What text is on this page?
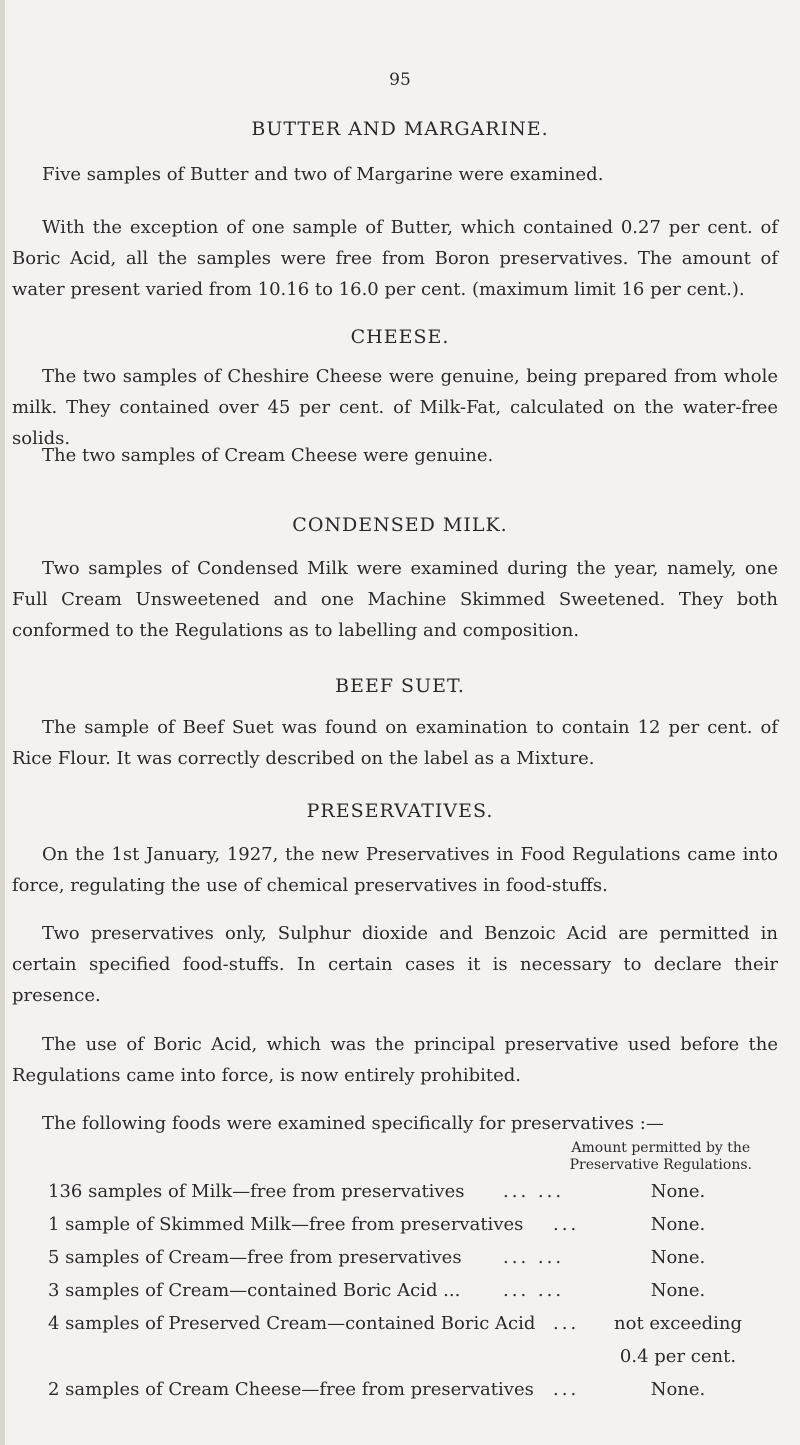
95
BUTTER AND MARGARINE.

Five samples of Butter and two of Margarine were examined.

With the exception of one sample of Butter, which contained 0.27 per cent. of Boric Acid, all the samples were free from Boron preservatives. The amount of water present varied from 10.16 to 16.0 per cent. (maximum limit 16 per cent.).

CHEESE.

The two samples of Cheshire Cheese were genuine, being prepared from whole milk. They contained over 45 per cent. of Milk-Fat, calculated on the water-free solids.

The two samples of Cream Cheese were genuine.

CONDENSED MILK.

Two samples of Condensed Milk were examined during the year, namely, one Full Cream Unsweetened and one Machine Skimmed Sweetened. They both conformed to the Regulations as to labelling and composition.

BEEF SUET.

The sample of Beef Suet was found on examination to contain 12 per cent. of Rice Flour. It was correctly described on the label as a Mixture.

PRESERVATIVES.

On the 1st January, 1927, the new Preservatives in Food Regulations came into force, regulating the use of chemical preservatives in food-stuffs.

Two preservatives only, Sulphur dioxide and Benzoic Acid are permitted in certain specified food-stuffs. In certain cases it is necessary to declare their presence.

The use of Boric Acid, which was the principal preservative used before the Regulations came into force, is now entirely prohibited.

The following foods were examined specifically for preservatives :—

Amount permitted by the
Preservative Regulations.
136 samples of Milk—free from preservatives ... ...	None.
1 sample of Skimmed Milk—free from preservatives ...	None.
5 samples of Cream—free from preservatives ... ...	None.
3 samples of Cream—contained Boric Acid ... ... ...	None.
4 samples of Preserved Cream—contained Boric Acid ...	not exceeding
0.4 per cent.
2 samples of Cream Cheese—free from preservatives ...	None.
